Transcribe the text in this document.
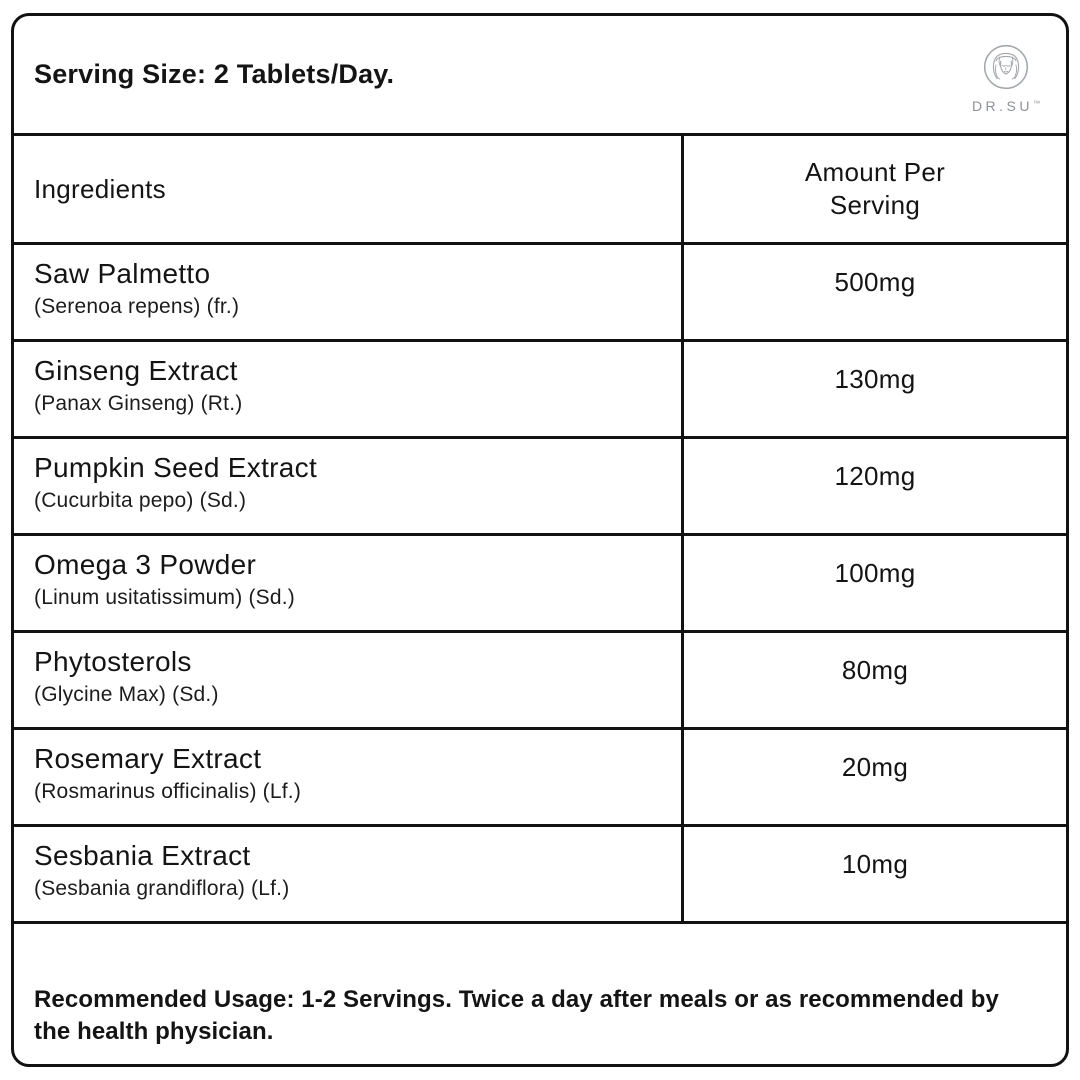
Serving Size: 2 Tablets/Day.
DR.SU™
Ingredients
Amount Per Serving
Saw Palmetto
(Serenoa repens) (fr.)
500mg
Ginseng Extract
(Panax Ginseng) (Rt.)
130mg
Pumpkin Seed Extract
(Cucurbita pepo) (Sd.)
120mg
Omega 3 Powder
(Linum usitatissimum) (Sd.)
100mg
Phytosterols
(Glycine Max) (Sd.)
80mg
Rosemary Extract
(Rosmarinus officinalis) (Lf.)
20mg
Sesbania Extract
(Sesbania grandiflora) (Lf.)
10mg

Recommended Usage: 1-2 Servings. Twice a day after meals or as recommended by the health physician.
